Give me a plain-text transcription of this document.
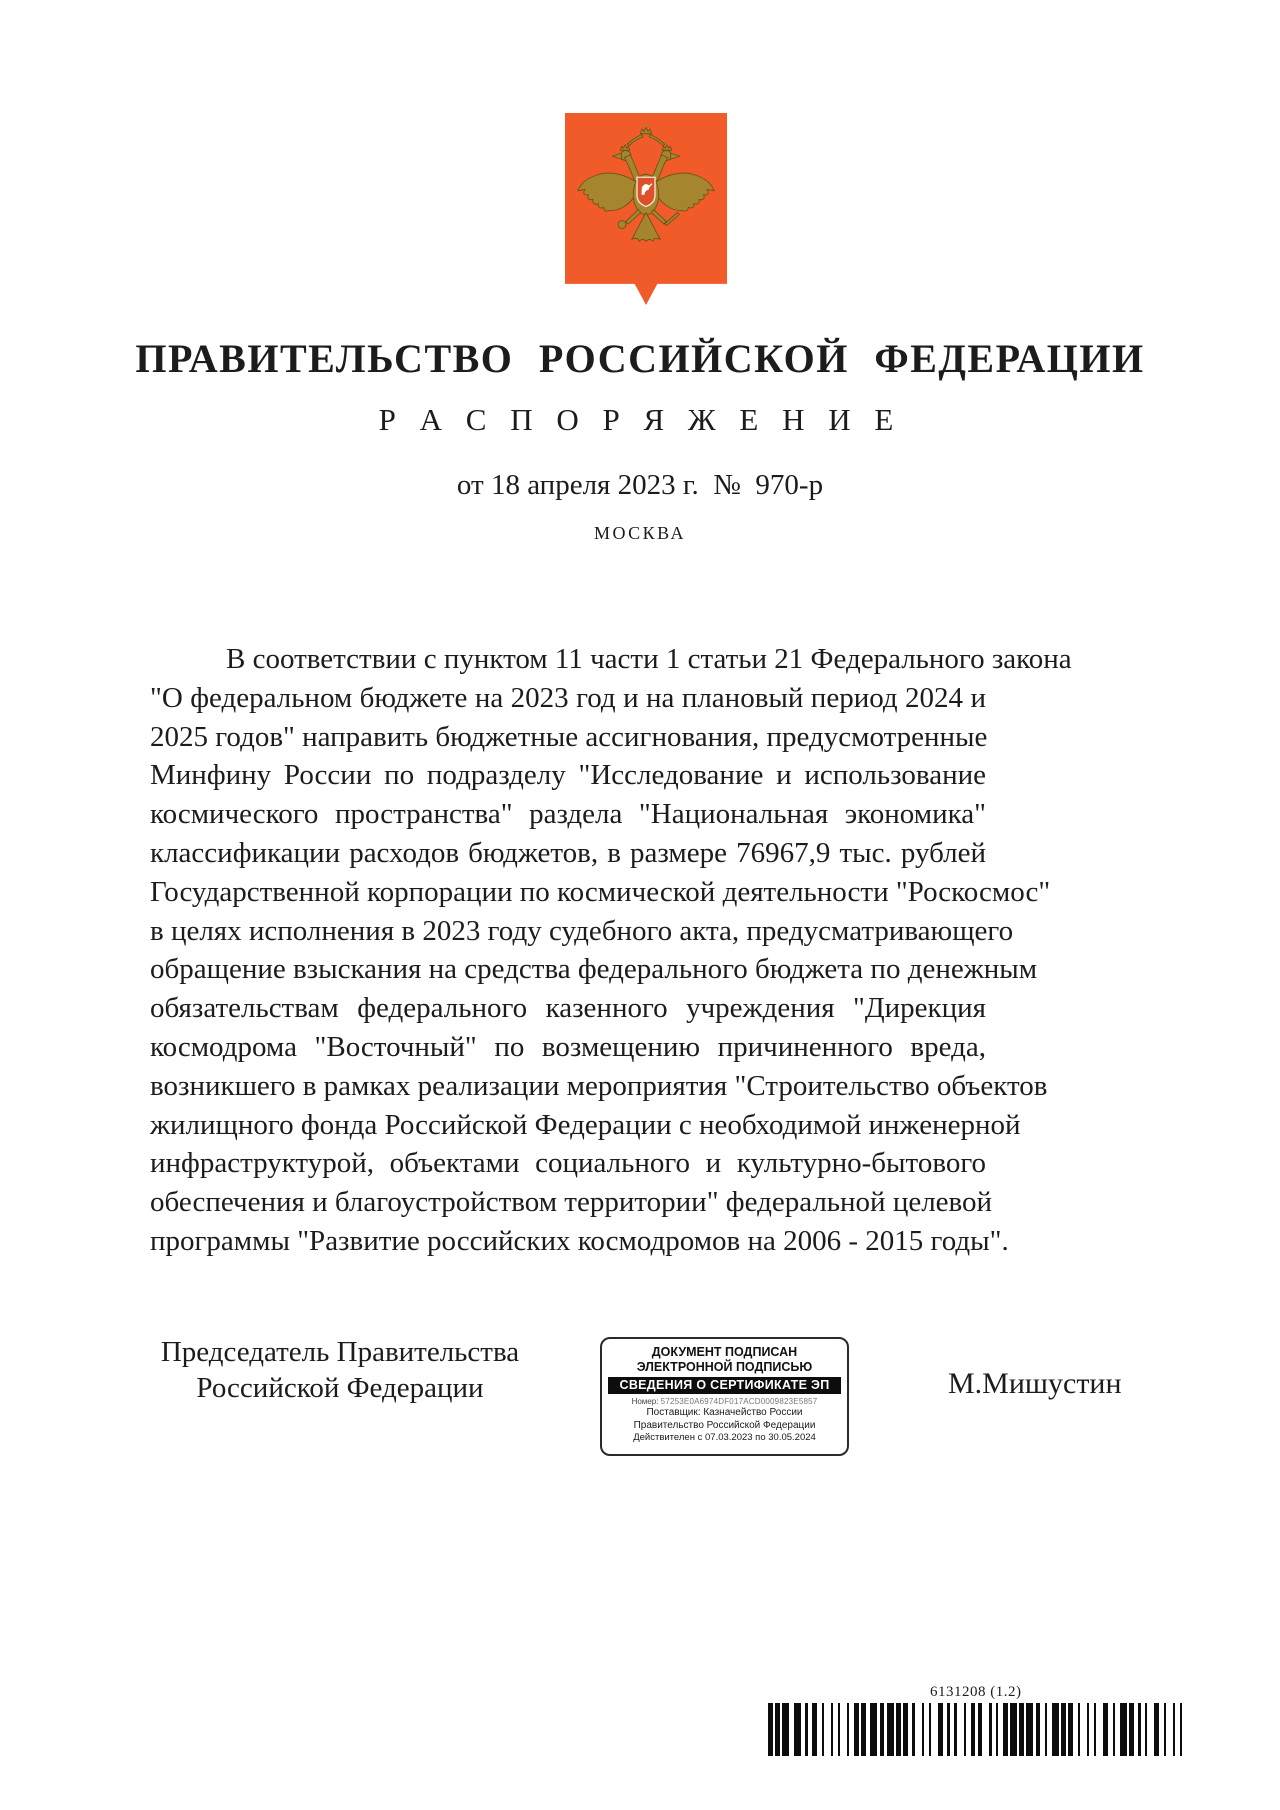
ПРАВИТЕЛЬСТВО РОССИЙСКОЙ ФЕДЕРАЦИИ
Р А С П О Р Я Ж Е Н И Е
от 18 апреля 2023 г.  №  970-р
МОСКВА
В соответствии с пунктом 11 части 1 статьи 21 Федерального закона
"О федеральном бюджете на 2023 год и на плановый период 2024 и
2025 годов" направить бюджетные ассигнования, предусмотренные
Минфину России по подразделу "Исследование и использование
космического пространства" раздела "Национальная экономика"
классификации расходов бюджетов, в размере 76967,9 тыс. рублей
Государственной корпорации по космической деятельности "Роскосмос"
в целях исполнения в 2023 году судебного акта, предусматривающего
обращение взыскания на средства федерального бюджета по денежным
обязательствам федерального казенного учреждения "Дирекция
космодрома "Восточный" по возмещению причиненного вреда,
возникшего в рамках реализации мероприятия "Строительство объектов
жилищного фонда Российской Федерации с необходимой инженерной
инфраструктурой, объектами социального и культурно-бытового
обеспечения и благоустройством территории" федеральной целевой
программы "Развитие российских космодромов на 2006 - 2015 годы".
Председатель Правительства
Российской Федерации
ДОКУМЕНТ ПОДПИСАН
ЭЛЕКТРОННОЙ ПОДПИСЬЮ
СВЕДЕНИЯ О СЕРТИФИКАТЕ ЭП
Номер: 57253E0A6974DF017ACD0009823E5857
Поставщик: Казначейство России
Правительство Российской Федерации
Действителен с 07.03.2023 по 30.05.2024
М.Мишустин
6131208 (1.2)
